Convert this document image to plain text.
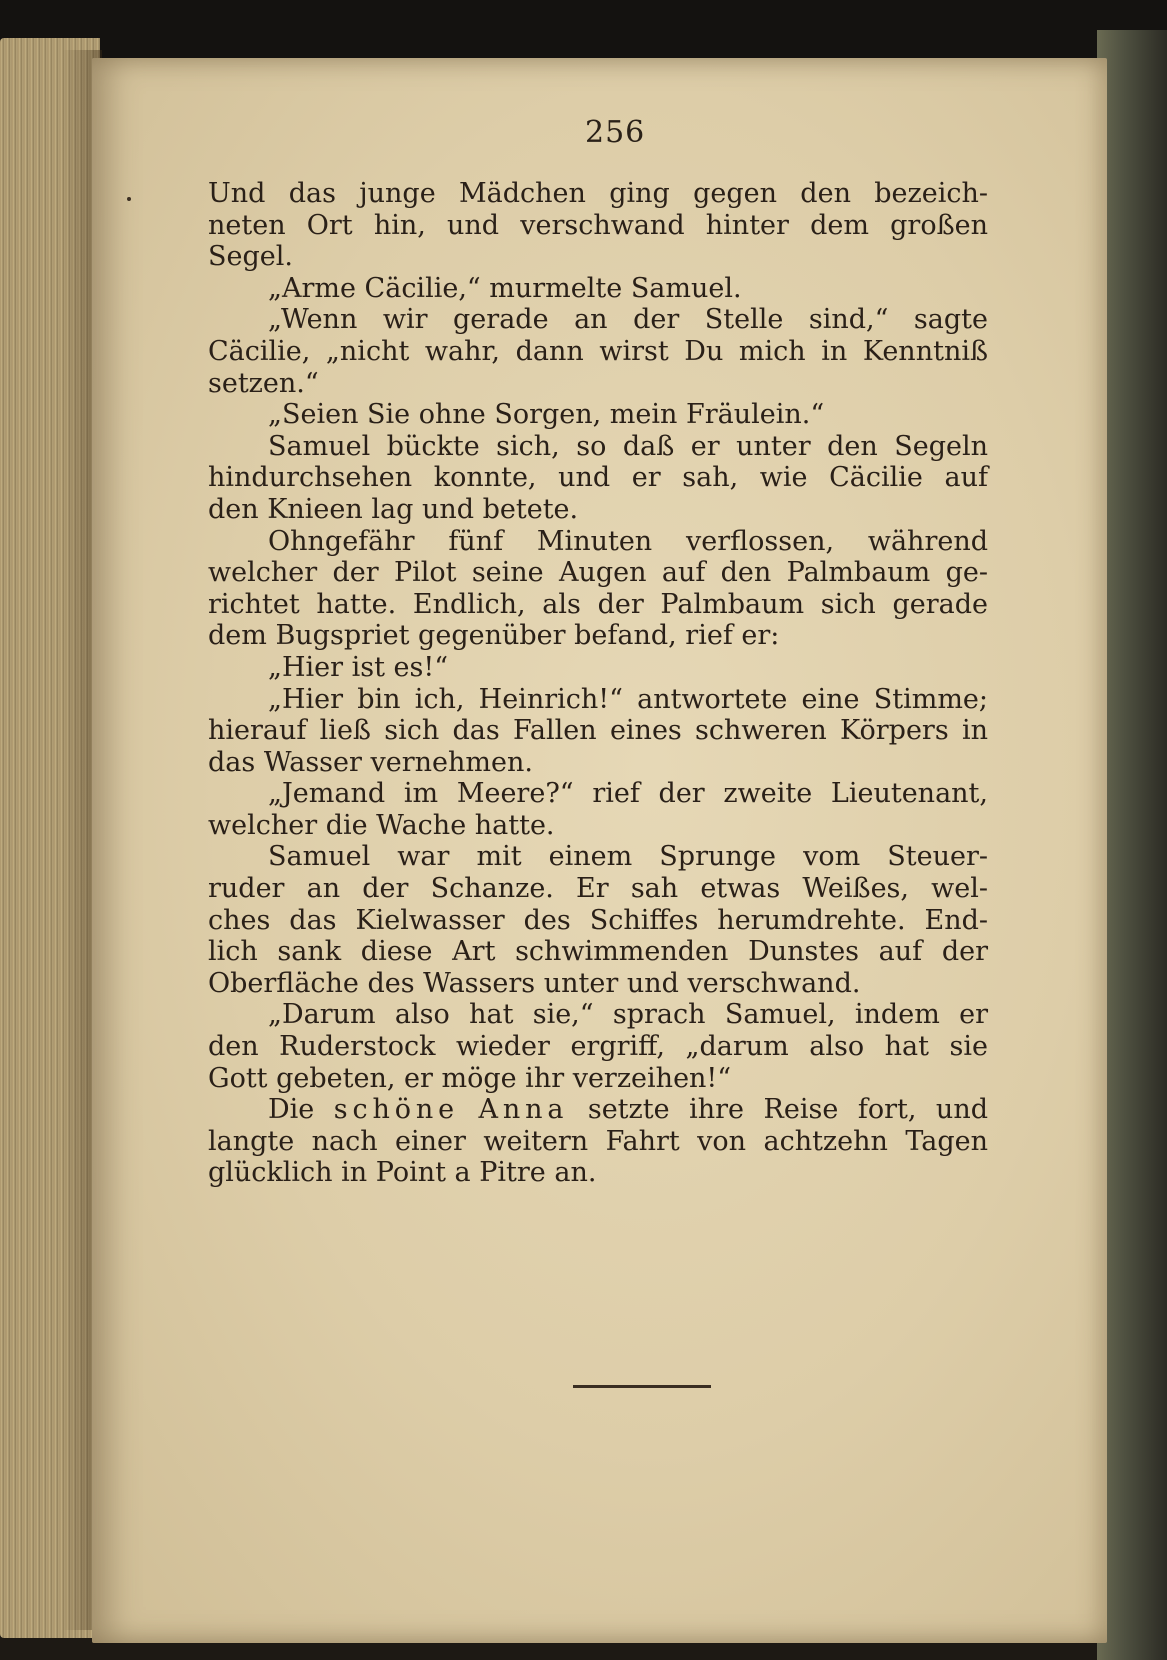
256
Und das junge Mädchen ging gegen den bezeich-
neten Ort hin, und verschwand hinter dem großen
Segel.
„Arme Cäcilie,“ murmelte Samuel.
„Wenn wir gerade an der Stelle sind,“ sagte
Cäcilie, „nicht wahr, dann wirst Du mich in Kenntniß
setzen.“
„Seien Sie ohne Sorgen, mein Fräulein.“
Samuel bückte sich, so daß er unter den Segeln
hindurchsehen konnte, und er sah, wie Cäcilie auf
den Knieen lag und betete.
Ohngefähr fünf Minuten verflossen, während
welcher der Pilot seine Augen auf den Palmbaum ge-
richtet hatte. Endlich, als der Palmbaum sich gerade
dem Bugspriet gegenüber befand, rief er:
„Hier ist es!“
„Hier bin ich, Heinrich!“ antwortete eine Stimme;
hierauf ließ sich das Fallen eines schweren Körpers in
das Wasser vernehmen.
„Jemand im Meere?“ rief der zweite Lieutenant,
welcher die Wache hatte.
Samuel war mit einem Sprunge vom Steuer-
ruder an der Schanze. Er sah etwas Weißes, wel-
ches das Kielwasser des Schiffes herumdrehte. End-
lich sank diese Art schwimmenden Dunstes auf der
Oberfläche des Wassers unter und verschwand.
„Darum also hat sie,“ sprach Samuel, indem er
den Ruderstock wieder ergriff, „darum also hat sie
Gott gebeten, er möge ihr verzeihen!“
Die schöne Anna setzte ihre Reise fort, und
langte nach einer weitern Fahrt von achtzehn Tagen
glücklich in Point a Pitre an.
